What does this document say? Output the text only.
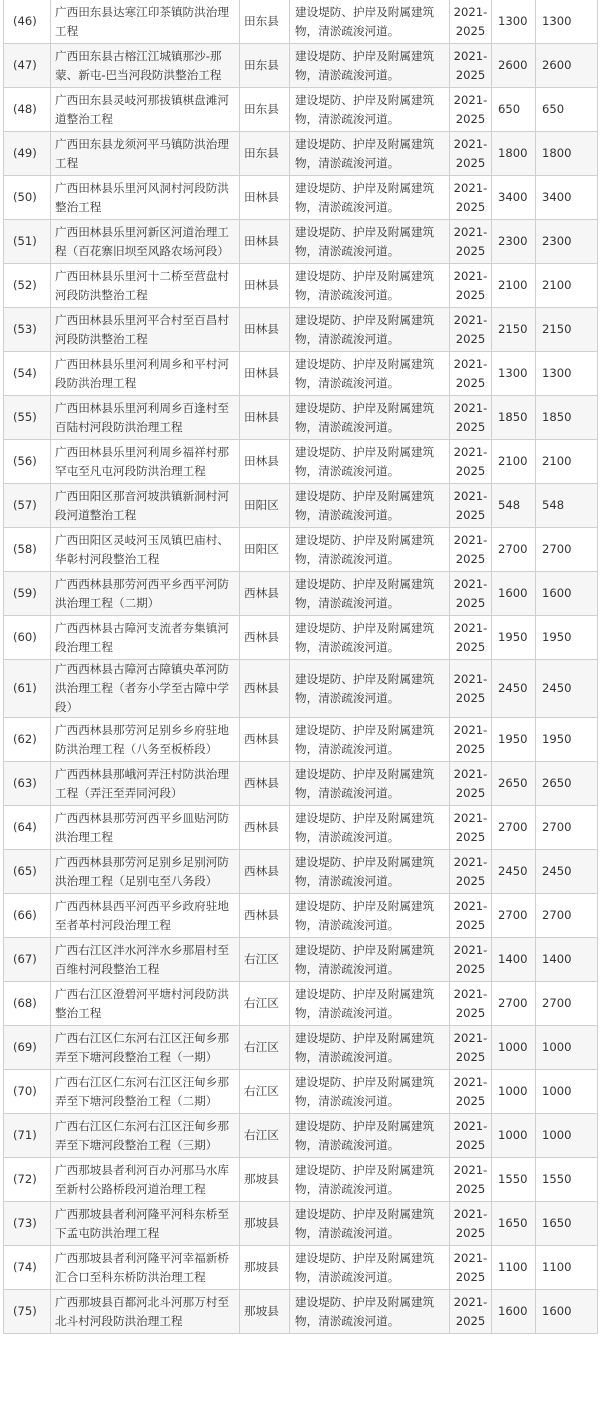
(46)	广西田东县达寒江印茶镇防洪治理工程	田东县	建设堤防、护岸及附属建筑物，清淤疏浚河道。	2021-2025	1300	1300
(47)	广西田东县古榕江江城镇那沙-那蒙、新屯-巴当河段防洪整治工程	田东县	建设堤防、护岸及附属建筑物，清淤疏浚河道。	2021-2025	2600	2600
(48)	广西田东县灵岐河那拔镇棋盘滩河道整治工程	田东县	建设堤防、护岸及附属建筑物，清淤疏浚河道。	2021-2025	650	650
(49)	广西田东县龙须河平马镇防洪治理工程	田东县	建设堤防、护岸及附属建筑物，清淤疏浚河道。	2021-2025	1800	1800
(50)	广西田林县乐里河风洞村河段防洪整治工程	田林县	建设堤防、护岸及附属建筑物，清淤疏浚河道。	2021-2025	3400	3400
(51)	广西田林县乐里河新区河道治理工程（百花寨旧坝至风路农场河段）	田林县	建设堤防、护岸及附属建筑物，清淤疏浚河道。	2021-2025	2300	2300
(52)	广西田林县乐里河十二桥至营盘村河段防洪整治工程	田林县	建设堤防、护岸及附属建筑物，清淤疏浚河道。	2021-2025	2100	2100
(53)	广西田林县乐里河平合村至百昌村河段防洪整治工程	田林县	建设堤防、护岸及附属建筑物，清淤疏浚河道。	2021-2025	2150	2150
(54)	广西田林县乐里河利周乡和平村河段防洪治理工程	田林县	建设堤防、护岸及附属建筑物，清淤疏浚河道。	2021-2025	1300	1300
(55)	广西田林县乐里河利周乡百逢村至百陆村河段防洪治理工程	田林县	建设堤防、护岸及附属建筑物，清淤疏浚河道。	2021-2025	1850	1850
(56)	广西田林县乐里河利周乡福祥村那罕屯至凡屯河段防洪治理工程	田林县	建设堤防、护岸及附属建筑物，清淤疏浚河道。	2021-2025	2100	2100
(57)	广西田阳区那音河坡洪镇新洞村河段河道整治工程	田阳区	建设堤防、护岸及附属建筑物，清淤疏浚河道。	2021-2025	548	548
(58)	广西田阳区灵岐河玉凤镇巴庙村、华彰村河段整治工程	田阳区	建设堤防、护岸及附属建筑物，清淤疏浚河道。	2021-2025	2700	2700
(59)	广西西林县那劳河西平乡西平河防洪治理工程（二期）	西林县	建设堤防、护岸及附属建筑物，清淤疏浚河道。	2021-2025	1600	1600
(60)	广西西林县古障河支流者夯集镇河段治理工程	西林县	建设堤防、护岸及附属建筑物，清淤疏浚河道。	2021-2025	1950	1950
(61)	广西西林县古障河古障镇央革河防洪治理工程（者夯小学至古障中学段）	西林县	建设堤防、护岸及附属建筑物，清淤疏浚河道。	2021-2025	2450	2450
(62)	广西西林县那劳河足别乡乡府驻地防洪治理工程（八务至板桥段）	西林县	建设堤防、护岸及附属建筑物，清淤疏浚河道。	2021-2025	1950	1950
(63)	广西西林县那峨河弄汪村防洪治理工程（弄汪至弄同河段）	西林县	建设堤防、护岸及附属建筑物，清淤疏浚河道。	2021-2025	2650	2650
(64)	广西西林县那劳河西平乡皿贴河防洪治理工程	西林县	建设堤防、护岸及附属建筑物，清淤疏浚河道。	2021-2025	2700	2700
(65)	广西西林县那劳河足别乡足别河防洪治理工程（足别屯至八务段）	西林县	建设堤防、护岸及附属建筑物，清淤疏浚河道。	2021-2025	2450	2450
(66)	广西西林县西平河西平乡政府驻地至者革村河段治理工程	西林县	建设堤防、护岸及附属建筑物，清淤疏浚河道。	2021-2025	2700	2700
(67)	广西右江区泮水河泮水乡那眉村至百维村河段整治工程	右江区	建设堤防、护岸及附属建筑物，清淤疏浚河道。	2021-2025	1400	1400
(68)	广西右江区澄碧河平塘村河段防洪整治工程	右江区	建设堤防、护岸及附属建筑物，清淤疏浚河道。	2021-2025	2700	2700
(69)	广西右江区仁东河右江区汪甸乡那弄至下塘河段整治工程（一期）	右江区	建设堤防、护岸及附属建筑物，清淤疏浚河道。	2021-2025	1000	1000
(70)	广西右江区仁东河右江区汪甸乡那弄至下塘河段整治工程（二期）	右江区	建设堤防、护岸及附属建筑物，清淤疏浚河道。	2021-2025	1000	1000
(71)	广西右江区仁东河右江区汪甸乡那弄至下塘河段整治工程（三期）	右江区	建设堤防、护岸及附属建筑物，清淤疏浚河道。	2021-2025	1000	1000
(72)	广西那坡县者利河百办河那马水库至新村公路桥段河道治理工程	那坡县	建设堤防、护岸及附属建筑物，清淤疏浚河道。	2021-2025	1550	1550
(73)	广西那坡县者利河隆平河科东桥至下孟屯防洪治理工程	那坡县	建设堤防、护岸及附属建筑物，清淤疏浚河道。	2021-2025	1650	1650
(74)	广西那坡县者利河隆平河幸福新桥汇合口至科东桥防洪治理工程	那坡县	建设堤防、护岸及附属建筑物，清淤疏浚河道。	2021-2025	1100	1100
(75)	广西那坡县百都河北斗河那万村至北斗村河段防洪治理工程	那坡县	建设堤防、护岸及附属建筑物，清淤疏浚河道。	2021-2025	1600	1600
